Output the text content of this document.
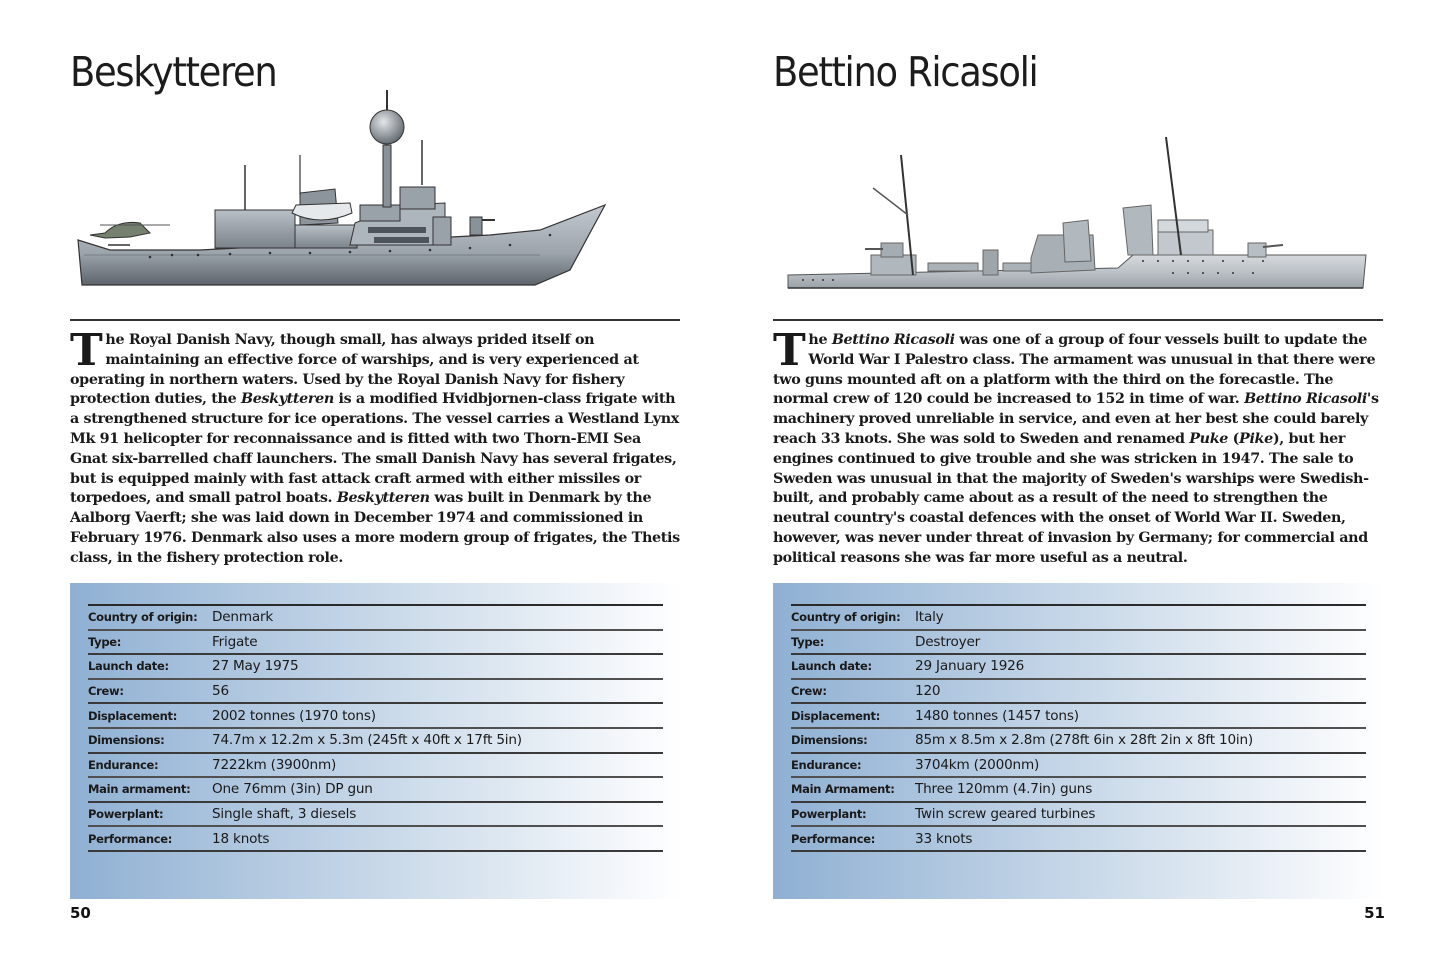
Beskytteren

The Royal Danish Navy, though small, has always prided itself on maintaining an effective force of warships, and is very experienced at operating in northern waters. Used by the Royal Danish Navy for fishery protection duties, the Beskytteren is a modified Hvidbjornen-class frigate with a strengthened structure for ice operations. The vessel carries a Westland Lynx Mk 91 helicopter for reconnaissance and is fitted with two Thorn-EMI Sea Gnat six-barrelled chaff launchers. The small Danish Navy has several frigates, but is equipped mainly with fast attack craft armed with either missiles or torpedoes, and small patrol boats. Beskytteren was built in Denmark by the Aalborg Vaerft; she was laid down in December 1974 and commissioned in February 1976. Denmark also uses a more modern group of frigates, the Thetis class, in the fishery protection role.

Country of origin:	Denmark
Type:	Frigate
Launch date:	27 May 1975
Crew:	56
Displacement:	2002 tonnes (1970 tons)
Dimensions:	74.7m x 12.2m x 5.3m (245ft x 40ft x 17ft 5in)
Endurance:	7222km (3900nm)
Main armament:	One 76mm (3in) DP gun
Powerplant:	Single shaft, 3 diesels
Performance:	18 knots
50
Bettino Ricasoli

The Bettino Ricasoli was one of a group of four vessels built to update the World War I Palestro class. The armament was unusual in that there were two guns mounted aft on a platform with the third on the forecastle. The normal crew of 120 could be increased to 152 in time of war. Bettino Ricasoli's machinery proved unreliable in service, and even at her best she could barely reach 33 knots. She was sold to Sweden and renamed Puke (Pike), but her engines continued to give trouble and she was stricken in 1947. The sale to Sweden was unusual in that the majority of Sweden's warships were Swedish-built, and probably came about as a result of the need to strengthen the neutral country's coastal defences with the onset of World War II. Sweden, however, was never under threat of invasion by Germany; for commercial and political reasons she was far more useful as a neutral.

Country of origin:	Italy
Type:	Destroyer
Launch date:	29 January 1926
Crew:	120
Displacement:	1480 tonnes (1457 tons)
Dimensions:	85m x 8.5m x 2.8m (278ft 6in x 28ft 2in x 8ft 10in)
Endurance:	3704km (2000nm)
Main Armament:	Three 120mm (4.7in) guns
Powerplant:	Twin screw geared turbines
Performance:	33 knots
51
